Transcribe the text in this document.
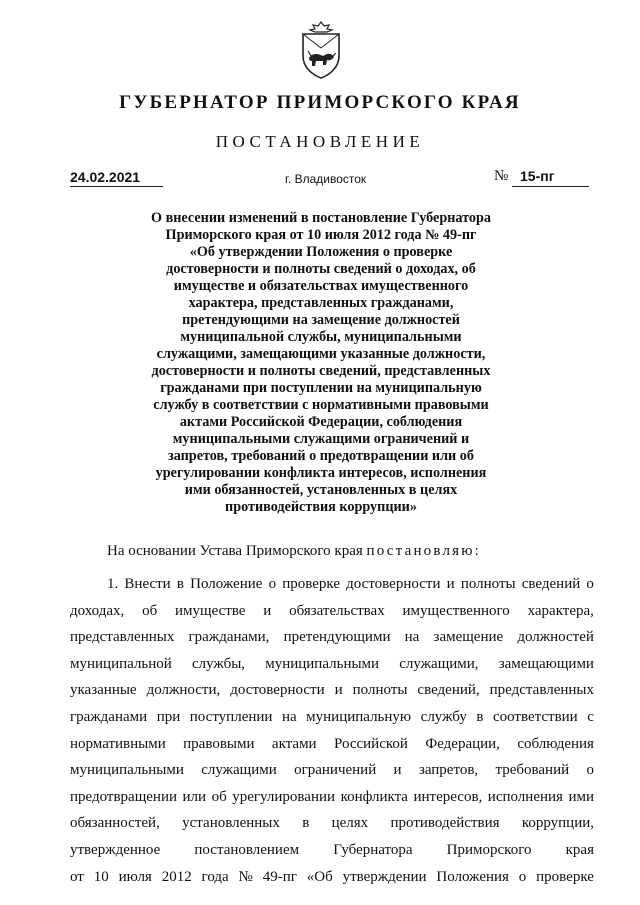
ГУБЕРНАТОР ПРИМОРСКОГО КРАЯ
ПОСТАНОВЛЕНИЕ
24.02.2021	г. Владивосток	№ 15-пг
О внесении изменений в постановление Губернатора
Приморского края от 10 июля 2012 года № 49-пг
«Об утверждении Положения о проверке
достоверности и полноты сведений о доходах, об
имуществе и обязательствах имущественного
характера, представленных гражданами,
претендующими на замещение должностей
муниципальной службы, муниципальными
служащими, замещающими указанные должности,
достоверности и полноты сведений, представленных
гражданами при поступлении на муниципальную
службу в соответствии с нормативными правовыми
актами Российской Федерации, соблюдения
муниципальными служащими ограничений и
запретов, требований о предотвращении или об
урегулировании конфликта интересов, исполнения
ими обязанностей, установленных в целях
противодействия коррупции»
На основании Устава Приморского края постановляю:
1. Внести в Положение о проверке достоверности и полноты сведений о
доходах, об имуществе и обязательствах имущественного характера,
представленных гражданами, претендующими на замещение должностей
муниципальной службы, муниципальными служащими, замещающими
указанные должности, достоверности и полноты сведений, представленных
гражданами при поступлении на муниципальную службу в соответствии с
нормативными правовыми актами Российской Федерации, соблюдения
муниципальными служащими ограничений и запретов, требований о
предотвращении или об урегулировании конфликта интересов, исполнения ими
обязанностей, установленных в целях противодействия коррупции,
утвержденное постановлением Губернатора Приморского края
от 10 июля 2012 года № 49-пг «Об утверждении Положения о проверке
